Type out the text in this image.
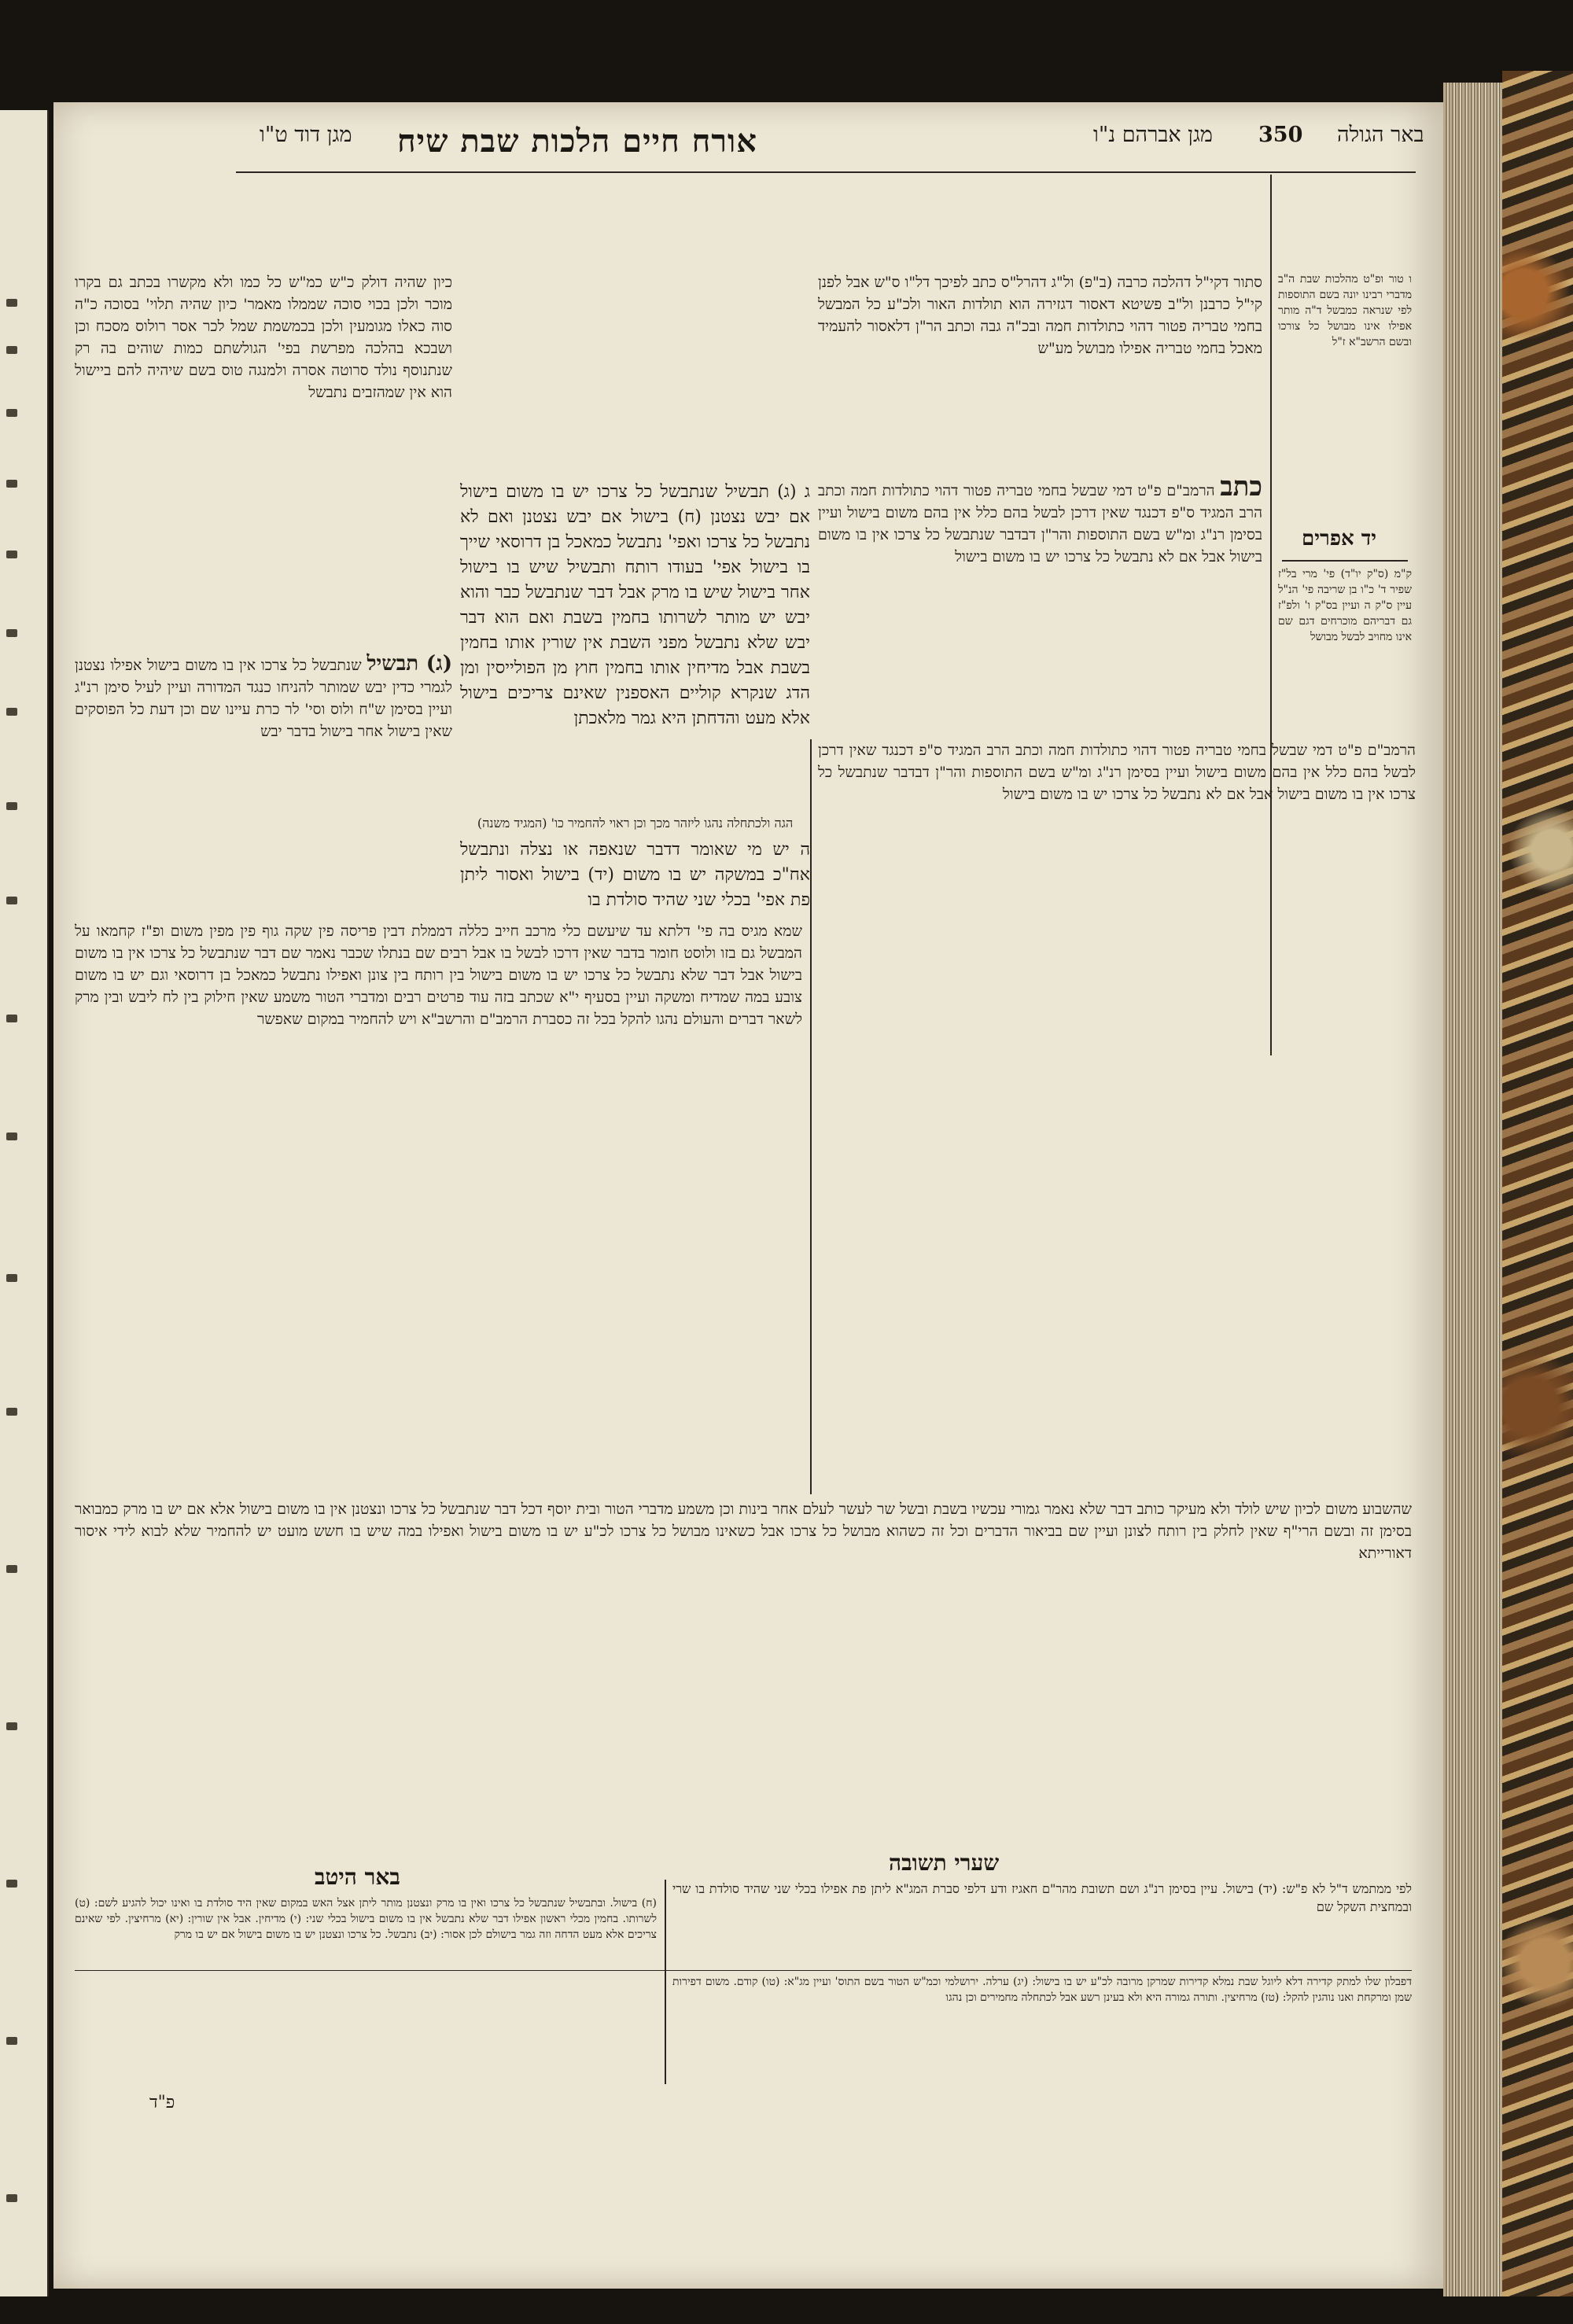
באר הגולה
350
מגן אברהם נ"ו
אורח חיים הלכות שבת שיח
מגן דוד ט"ו

ו טור ופ"ט מהלכות שבת ה"ב מדברי רבינו יונה בשם התוספות לפי שנראה כמבשל ד"ה מותר אפילו אינו מבושל כל צורכו ובשם הרשב"א ז"ל

יד אפרים

ק"מ (ס"ק יו"ד) פי' מרי בל"ז שפיר ד' כ"ו בן שריבה פי' הנ"ל עיין ס"ק ה ועיין בס"ק ו' ולפ"ז גם דבריהם מוכרחים דגם שם אינו מחויב לבשל מבושל

סתור דקי"ל דהלכה כרבה (ב"פ) ול"ג דהרל"ס כתב לפיכך דל"ו ס"ש אבל לפנן קי"ל כרבנן ול"ב פשיטא דאסור דגזירה הוא תולדות האור ולכ"ע כל המבשל בחמי טבריה פטור דהוי כתולדות חמה ובכ"ה גבה וכתב הר"ן דלאסור להעמיד מאכל בחמי טבריה אפילו מבושל מע"ש

כתב הרמב"ם פ"ט דמי שבשל בחמי טבריה פטור דהוי כתולדות חמה וכתב הרב המגיד ס"פ דכנגד שאין דרכן לבשל בהם כלל אין בהם משום בישול ועיין בסימן רנ"ג ומ"ש בשם התוספות והר"ן דבדבר שנתבשל כל צרכו אין בו משום בישול אבל אם לא נתבשל כל צרכו יש בו משום בישול

כיון שהיה דולק כ"ש כמ"ש כל כמו ולא מקשרו בכתב גם בקרו מוכר ולכן בכוי סוכה שממלו מאמר' כיון שהיה תלוי' בסוכה כ"ה סוה כאלו מגומעין ולכן בכמשמת שמל לכר אסר רולוס מסכח וכן ושבכא בהלכה מפרשת בפי' הגולשתם כמות שוהים בה רק שנתנוסף נולד סרוטה אסרה ולמנגה טוס בשם שיהיה להם ביישול הוא אין שמהזבים נתבשל

(ג) תבשיל שנתבשל כל צרכו אין בו משום בישול אפילו נצטנן לגמרי כדין יבש שמותר להניחו כנגד המדורה ועיין לעיל סימן רנ"ג ועיין בסימן ש"ח ולוס וסי' לר כרת עיינו שם וכן דעת כל הפוסקים שאין בישול אחר בישול בדבר יבש

ג (ג) תבשיל שנתבשל כל צרכו יש בו משום בישול אם יבש נצטנן (ח) בישול אם יבש נצטנן ואם לא נתבשל כל צרכו ואפי' נתבשל כמאכל בן דרוסאי שייך בו בישול אפי' בעודו רותח ותבשיל שיש בו בישול אחר בישול שיש בו מרק אבל דבר שנתבשל כבר והוא יבש יש מותר לשרותו בחמין בשבת ואם הוא דבר יבש שלא נתבשל מפני השבת אין שורין אותו בחמין בשבת אבל מדיחין אותו בחמין חוץ מן הפולייסין ומן הדג שנקרא קוליים האספנין שאינם צריכים בישול אלא מעט והדחתן היא גמר מלאכתן

הגה ולכתחלה נהגו ליזהר מכך וכן ראוי להחמיר כו' (המגיד משנה)

ה יש מי שאומר דדבר שנאפה או נצלה ונתבשל אח"כ במשקה יש בו משום (יד) בישול ואסור ליתן פת אפי' בכלי שני שהיד סולדת בו

שמא מגיס בה פי' דלתא עד שיעשם כלי מרכב חייב כללה דממלת דבין פריסה פין שקה גוף פין מפין משום ופ"ז קחמאו על המבשל גם בזו ולוסט חומר בדבר שאין דרכו לבשל בו אבל רבים שם בנתלו שכבר נאמר שם דבר שנתבשל כל צרכו אין בו משום בישול אבל דבר שלא נתבשל כל צרכו יש בו משום בישול בין רותח בין צונן ואפילו נתבשל כמאכל בן דרוסאי וגם יש בו משום צובע במה שמדיח ומשקה ועיין בסעיף י"א שכתב בזה עוד פרטים רבים ומדברי הטור משמע שאין חילוק בין לח ליבש ובין מרק לשאר דברים והעולם נהגו להקל בכל זה כסברת הרמב"ם והרשב"א ויש להחמיר במקום שאפשר

הרמב"ם פ"ט דמי שבשל בחמי טבריה פטור דהוי כתולדות חמה וכתב הרב המגיד ס"פ דכנגד שאין דרכן לבשל בהם כלל אין בהם משום בישול ועיין בסימן רנ"ג ומ"ש בשם התוספות והר"ן דבדבר שנתבשל כל צרכו אין בו משום בישול אבל אם לא נתבשל כל צרכו יש בו משום בישול

שהשבוע משום לכיון שיש לולד ולא מעיקר כותב דבר שלא נאמר גמורי עכשיו בשבת ובשל שר לעשר לעלם אחר בינות וכן משמע מדברי הטור ובית יוסף דכל דבר שנתבשל כל צרכו ונצטנן אין בו משום בישול אלא אם יש בו מרק כמבואר בסימן זה ובשם הרי"ף שאין לחלק בין רותח לצונן ועיין שם בביאור הדברים וכל זה כשהוא מבושל כל צרכו אבל כשאינו מבושל כל צרכו לכ"ע יש בו משום בישול ואפילו במה שיש בו חשש מועט יש להחמיר שלא לבוא לידי איסור דאורייתא

שערי תשובה

לפי ממתמש ד"ל לא פ"ש: (יד) בישול. עיין בסימן רנ"ג ושם תשובת מהר"ם חאגיז ודע דלפי סברת המג"א ליתן פת אפילו בכלי שני שהיד סולדת בו שרי ובמחצית השקל שם

באר היטב

(ח) בישול. ובתבשיל שנתבשל כל צרכו ואין בו מרק ונצטנן מותר ליתן אצל האש במקום שאין היד סולדת בו ואינו יכול להגיע לשם: (ט) לשרותו. בחמין מכלי ראשון אפילו דבר שלא נתבשל אין בו משום בישול בכלי שני: (י) מדיחין. אבל אין שורין: (יא) מרחיצין. לפי שאינם צריכים אלא מעט הדחה וזה גמר בישולם לכן אסור: (יב) נתבשל. כל צרכו ונצטנן יש בו משום בישול אם יש בו מרק

דפבלון שלו למתק קדירה דלא ליוגל שבת נמלא קדירות שמרקן מרובה לכ"ע יש בו בישול: (יג) ערלה. ירושלמי וכמ"ש הטור בשם התוס' ועיין מג"א: (טו) קודם. משום דפירות שמן ומרקחת ואנו נוהגין להקל: (טז) מרחיצין. ותורה גמורה היא ולא בעינן רשע אבל לכתחלה מחמירים וכן נהגו

פ"ד
